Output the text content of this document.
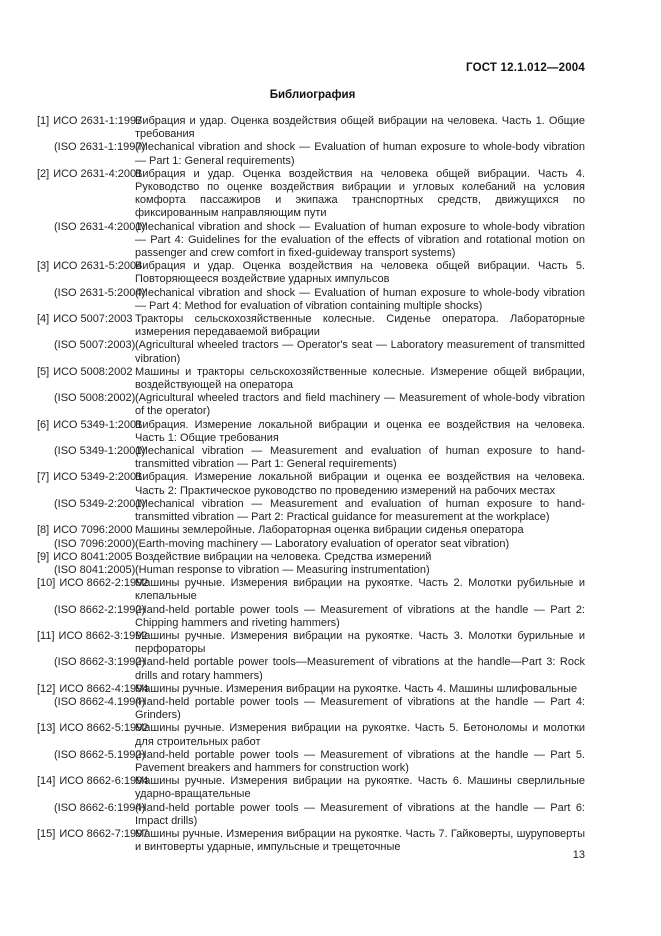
ГОСТ 12.1.012—2004
Библиография
[1] ИСО 2631-1:1997
Вибрация и удар. Оценка воздействия общей вибрации на человека. Часть 1. Общие требования
(ISO 2631-1:1997)
(Mechanical vibration and shock — Evaluation of human exposure to whole-body vibration — Part 1: General requirements)
[2] ИСО 2631-4:2001
Вибрация и удар. Оценка воздействия на человека общей вибрации. Часть 4. Руководство по оценке воздействия вибрации и угловых колебаний на условия комфорта пассажиров и экипажа транспортных средств, движущихся по фиксированным направляющим пути
(ISO 2631-4:2001)
(Mechanical vibration and shock — Evaluation of human exposure to whole-body vibration — Part 4: Guidelines for the evaluation of the effects of vibration and rotational motion on passenger and crew comfort in fixed-guideway transport systems)
[3] ИСО 2631-5:2004
Вибрация и удар. Оценка воздействия на человека общей вибрации. Часть 5. Повторяющееся воздействие ударных импульсов
(ISO 2631-5:2004)
(Mechanical vibration and shock — Evaluation of human exposure to whole-body vibration — Part 4: Method for evaluation of vibration containing multiple shocks)
[4] ИСО 5007:2003 Тракторы сельскохозяйственные колесные. Сиденье оператора. Лабораторные измерения передаваемой вибрации
(ISO 5007:2003) (Agricultural wheeled tractors — Operator's seat — Laboratory measurement of transmitted vibration)
[5] ИСО 5008:2002 Машины и тракторы сельскохозяйственные колесные. Измерение общей вибрации, воздействующей на оператора
(ISO 5008:2002) (Agricultural wheeled tractors and field machinery — Measurement of whole-body vibration of the operator)
[6] ИСО 5349-1:2001
Вибрация. Измерение локальной вибрации и оценка ее воздействия на человека. Часть 1: Общие требования
(ISO 5349-1:2001)
(Mechanical vibration — Measurement and evaluation of human exposure to hand-transmitted vibration — Part 1: General requirements)
[7] ИСО 5349-2:2001
Вибрация. Измерение локальной вибрации и оценка ее воздействия на человека. Часть 2: Практическое руководство по проведению измерений на рабочих местах
(ISO 5349-2:2001)
(Mechanical vibration — Measurement and evaluation of human exposure to hand-transmitted vibration — Part 2: Practical guidance for measurement at the workplace)
[8] ИСО 7096:2000 Машины землеройные. Лабораторная оценка вибрации сиденья оператора
(ISO 7096:2000) (Earth-moving machinery — Laboratory evaluation of operator seat vibration)
[9] ИСО 8041:2005 Воздействие вибрации на человека. Средства измерений
(ISO 8041:2005) (Human response to vibration — Measuring instrumentation)
[10] ИСО 8662-2:1992
Машины ручные. Измерения вибрации на рукоятке. Часть 2. Молотки рубильные и клепальные
(ISO 8662-2:1992)
(Hand-held portable power tools — Measurement of vibrations at the handle — Part 2: Chipping hammers and riveting hammers)
[11] ИСО 8662-3:1992
Машины ручные. Измерения вибрации на рукоятке. Часть 3. Молотки бурильные и перфораторы
(ISO 8662-3:1992)
(Hand-held portable power tools—Measurement of vibrations at the handle—Part 3: Rock drills and rotary hammers)
[12] ИСО 8662-4:1994
Машины ручные. Измерения вибрации на рукоятке. Часть 4. Машины шлифовальные
(ISO 8662-4.1994)
(Hand-held portable power tools — Measurement of vibrations at the handle — Part 4: Grinders)
[13] ИСО 8662-5:1992
Машины ручные. Измерения вибрации на рукоятке. Часть 5. Бетоноломы и молотки для строительных работ
(ISO 8662-5.1992)
(Hand-held portable power tools — Measurement of vibrations at the handle — Part 5. Pavement breakers and hammers for construction work)
[14] ИСО 8662-6:1994
Машины ручные. Измерения вибрации на рукоятке. Часть 6. Машины сверлильные ударно-вращательные
(ISO 8662-6:1994)
(Hand-held portable power tools — Measurement of vibrations at the handle — Part 6: Impact drills)
[15] ИСО 8662-7:1997
Машины ручные. Измерения вибрации на рукоятке. Часть 7. Гайковерты, шуруповерты и винтоверты ударные, импульсные и трещеточные
13
